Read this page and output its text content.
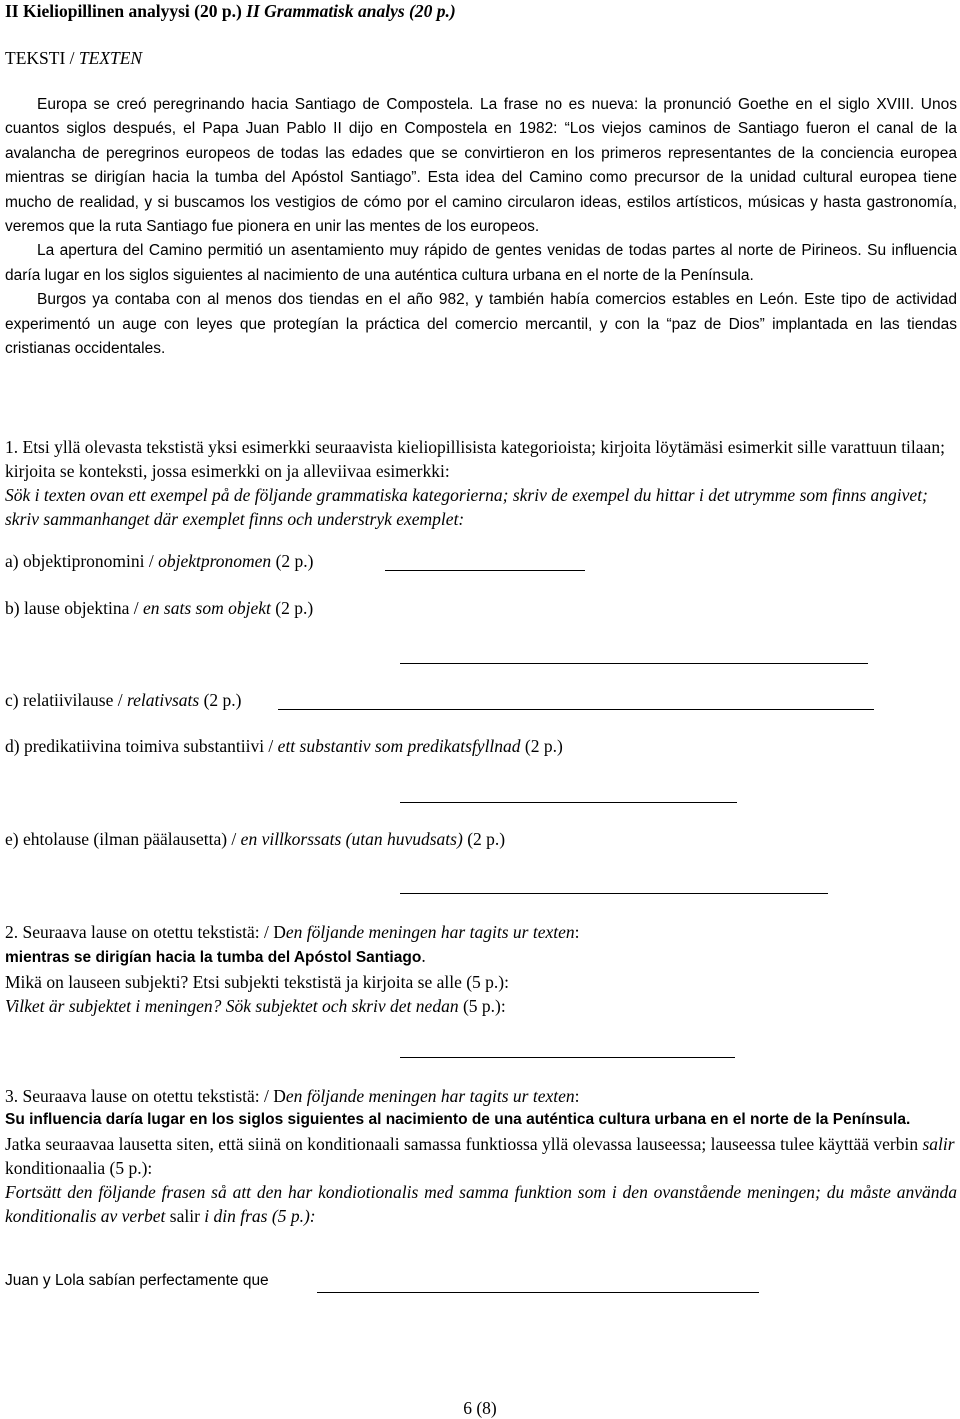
II Kieliopillinen analyysi (20 p.) II Grammatisk analys (20 p.)
TEKSTI / TEXTEN

Europa se creó peregrinando hacia Santiago de Compostela. La frase no es nueva: la pronunció Goethe en el siglo XVIII. Unos cuantos siglos después, el Papa Juan Pablo II dijo en Compostela en 1982: “Los viejos caminos de Santiago fueron el canal de la avalancha de peregrinos europeos de todas las edades que se convirtieron en los primeros representantes de la conciencia europea mientras se dirigían hacia la tumba del Apóstol Santiago”. Esta idea del Camino como precursor de la unidad cultural europea tiene mucho de realidad, y si buscamos los vestigios de cómo por el camino circularon ideas, estilos artísticos, músicas y hasta gastronomía, veremos que la ruta Santiago fue pionera en unir las mentes de los europeos.

La apertura del Camino permitió un asentamiento muy rápido de gentes venidas de todas partes al norte de Pirineos. Su influencia daría lugar en los siglos siguientes al nacimiento de una auténtica cultura urbana en el norte de la Península.

Burgos ya contaba con al menos dos tiendas en el año 982, y también había comercios estables en León. Este tipo de actividad experimentó un auge con leyes que protegían la práctica del comercio mercantil, y con la “paz de Dios” implantada en las tiendas cristianas occidentales.

1. Etsi yllä olevasta tekstistä yksi esimerkki seuraavista kieliopillisista kategorioista; kirjoita löytämäsi esimerkit sille varattuun tilaan; kirjoita se konteksti, jossa esimerkki on ja alleviivaa esimerkki:

Sök i texten ovan ett exempel på de följande grammatiska kategorierna; skriv de exempel du hittar i det utrymme som finns angivet; skriv sammanhanget där exemplet finns och understryk exemplet:

a) objektipronomini / objektpronomen (2 p.)
b) lause objektina / en sats som objekt (2 p.)
c) relatiivilause / relativsats (2 p.)
d) predikatiivina toimiva substantiivi / ett substantiv som predikatsfyllnad (2 p.)
e) ehtolause (ilman päälausetta) / en villkorssats (utan huvudsats) (2 p.)

2. Seuraava lause on otettu tekstistä: / Den följande meningen har tagits ur texten:

mientras se dirigían hacia la tumba del Apóstol Santiago.

Mikä on lauseen subjekti? Etsi subjekti tekstistä ja kirjoita se alle (5 p.):

Vilket är subjektet i meningen? Sök subjektet och skriv det nedan (5 p.):

3. Seuraava lause on otettu tekstistä: / Den följande meningen har tagits ur texten:

Su influencia daría lugar en los siglos siguientes al nacimiento de una auténtica cultura urbana en el norte de la Península.

Jatka seuraavaa lausetta siten, että siinä on konditionaali samassa funktiossa yllä olevassa lauseessa; lauseessa tulee käyttää verbin salir konditionaalia (5 p.):

Fortsätt den följande frasen så att den har kondiotionalis med samma funktion som i den ovanstående meningen; du måste använda konditionalis av verbet salir i din fras (5 p.):

Juan y Lola sabían perfectamente que
6 (8)
